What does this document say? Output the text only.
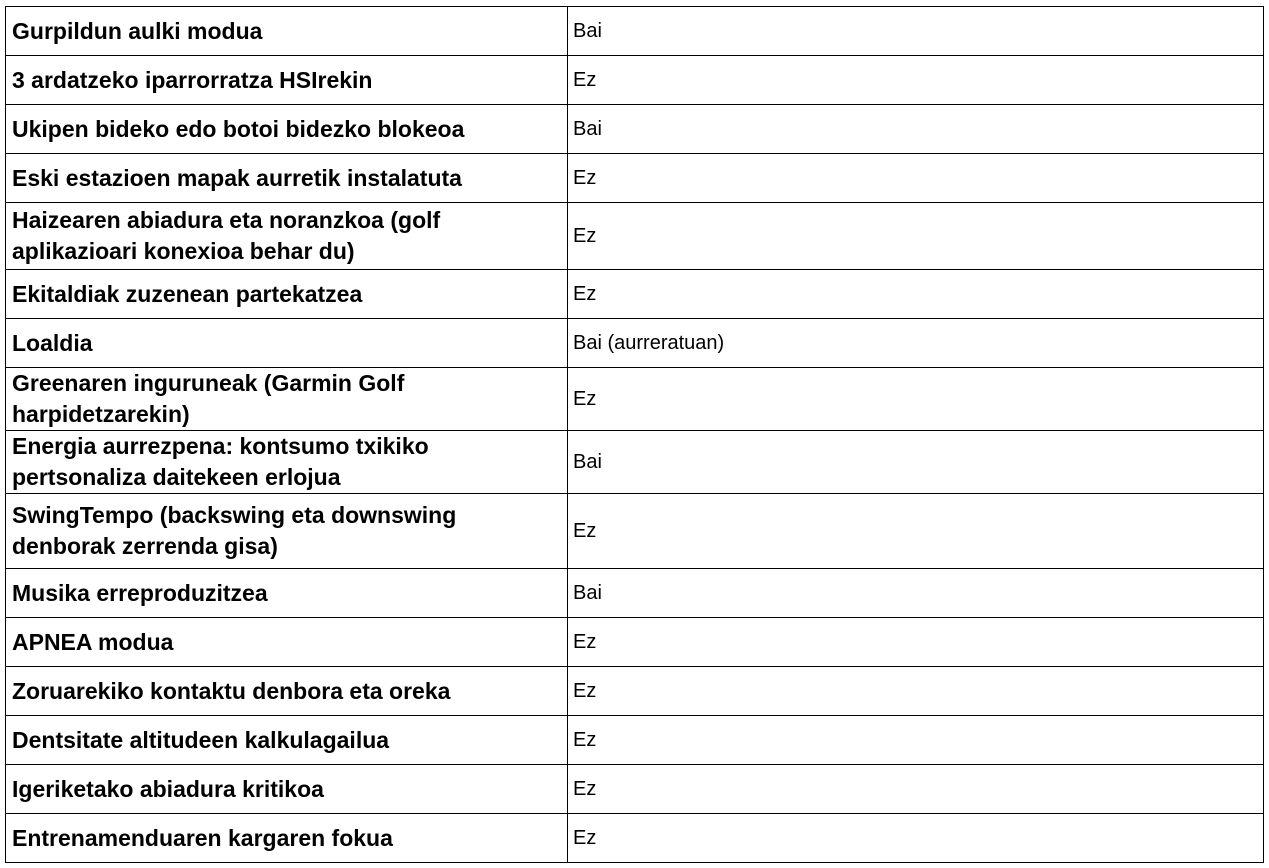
Gurpildun aulki modua	Bai
3 ardatzeko iparrorratza HSIrekin	Ez
Ukipen bideko edo botoi bidezko blokeoa	Bai
Eski estazioen mapak aurretik instalatuta	Ez
Haizearen abiadura eta noranzkoa (golf aplikazioari konexioa behar du)	Ez
Ekitaldiak zuzenean partekatzea	Ez
Loaldia	Bai (aurreratuan)
Greenaren inguruneak (Garmin Golf harpidetzarekin)	Ez
Energia aurrezpena: kontsumo txikiko pertsonaliza daitekeen erlojua	Bai
SwingTempo (backswing eta downswing denborak zerrenda gisa)	Ez
Musika erreproduzitzea	Bai
APNEA modua	Ez
Zoruarekiko kontaktu denbora eta oreka	Ez
Dentsitate altitudeen kalkulagailua	Ez
Igeriketako abiadura kritikoa	Ez
Entrenamenduaren kargaren fokua	Ez
